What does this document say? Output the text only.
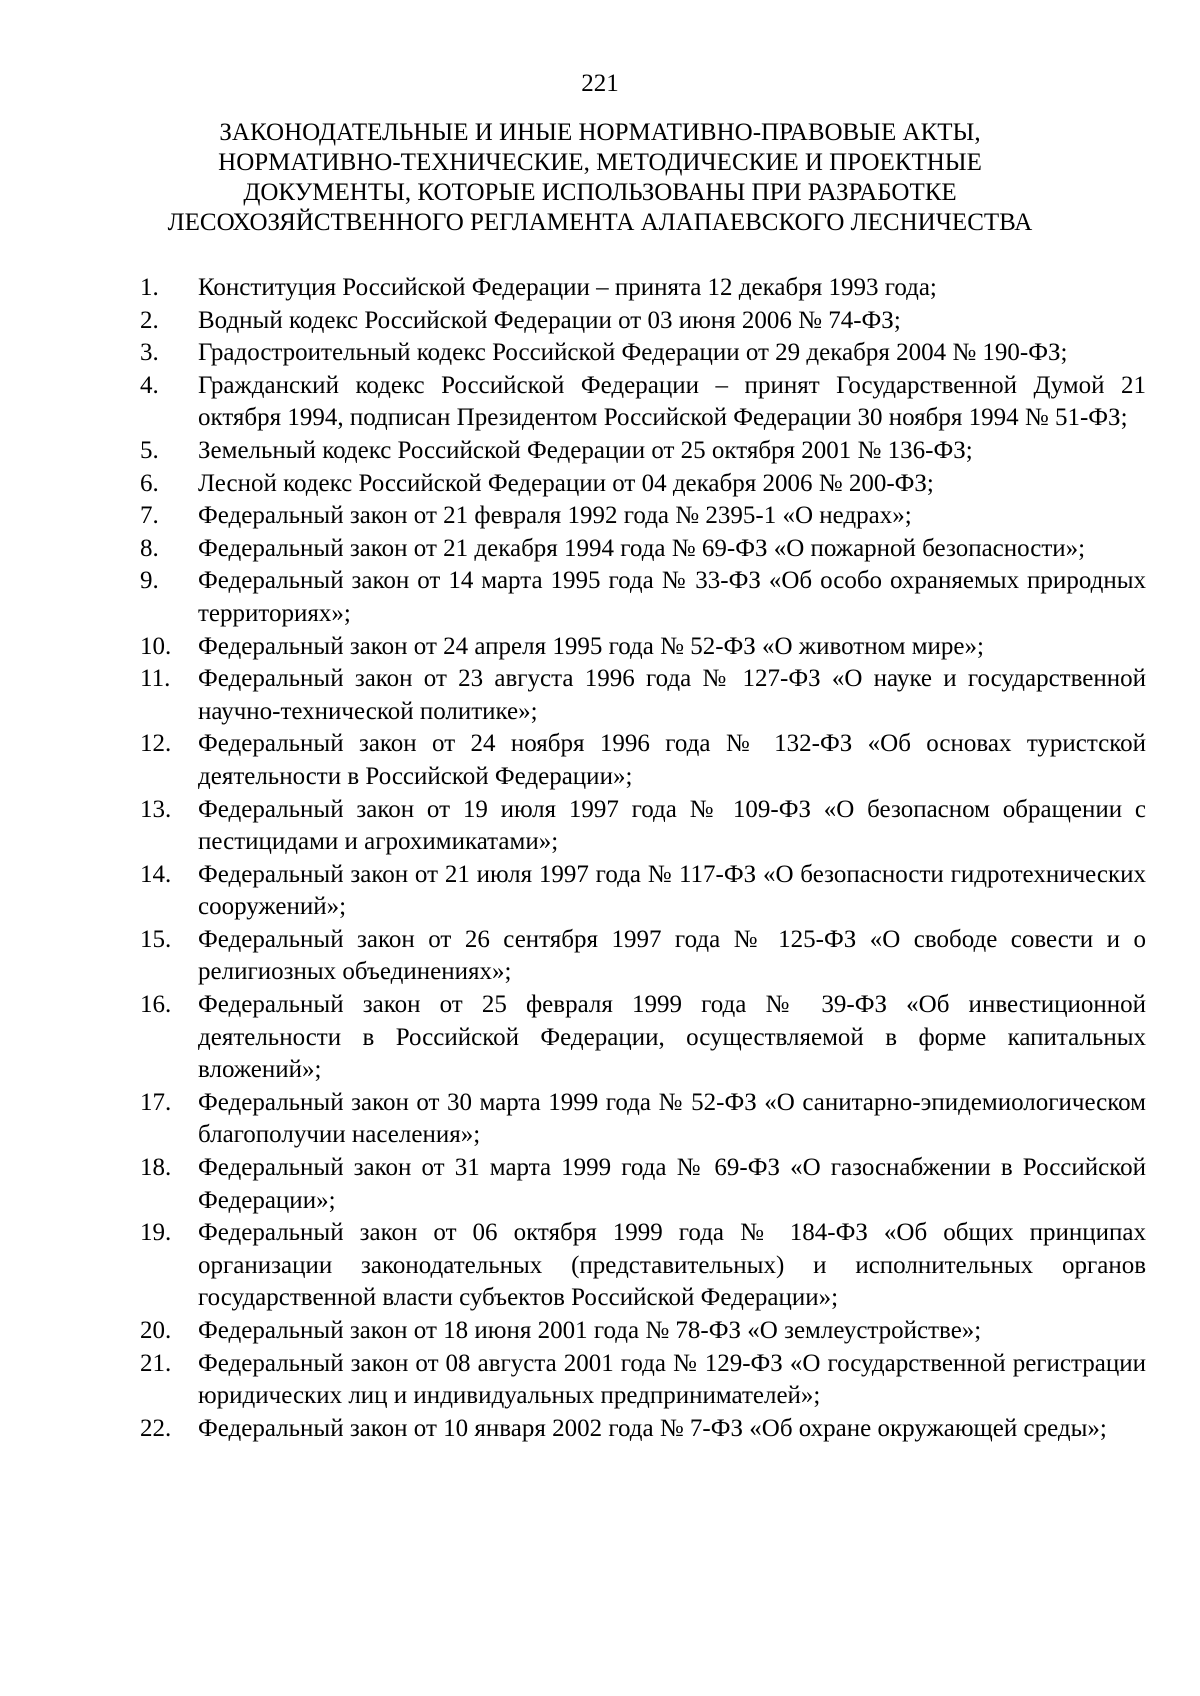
221
ЗАКОНОДАТЕЛЬНЫЕ И ИНЫЕ НОРМАТИВНО-ПРАВОВЫЕ АКТЫ,
НОРМАТИВНО-ТЕХНИЧЕСКИЕ, МЕТОДИЧЕСКИЕ И ПРОЕКТНЫЕ
ДОКУМЕНТЫ, КОТОРЫЕ ИСПОЛЬЗОВАНЫ ПРИ РАЗРАБОТКЕ
ЛЕСОХОЗЯЙСТВЕННОГО РЕГЛАМЕНТА АЛАПАЕВСКОГО ЛЕСНИЧЕСТВА
1.	Конституция Российской Федерации – принята 12 декабря 1993 года;
2.	Водный кодекс Российской Федерации от 03 июня 2006 № 74-ФЗ;
3.	Градостроительный кодекс Российской Федерации от 29 декабря 2004 № 190-ФЗ;
4.	Гражданский кодекс Российской Федерации – принят Государственной Думой 21 октября 1994, подписан Президентом Российской Федерации 30 ноября 1994 № 51-ФЗ;
5.	Земельный кодекс Российской Федерации от 25 октября 2001 № 136-ФЗ;
6.	Лесной кодекс Российской Федерации от 04 декабря 2006 № 200-ФЗ;
7.	Федеральный закон от 21 февраля 1992 года № 2395-1 «О недрах»;
8.	Федеральный закон от 21 декабря 1994 года № 69-ФЗ «О пожарной безопасности»;
9.	Федеральный закон от 14 марта 1995 года № 33-ФЗ «Об особо охраняемых природных территориях»;
10.	Федеральный закон от 24 апреля 1995 года № 52-ФЗ «О животном мире»;
11.	Федеральный закон от 23 августа 1996 года № 127-ФЗ «О науке и государственной научно-технической политике»;
12.	Федеральный закон от 24 ноября 1996 года № 132-ФЗ «Об основах туристской деятельности в Российской Федерации»;
13.	Федеральный закон от 19 июля 1997 года № 109-ФЗ «О безопасном обращении с пестицидами и агрохимикатами»;
14.	Федеральный закон от 21 июля 1997 года № 117-ФЗ «О безопасности гидротехнических сооружений»;
15.	Федеральный закон от 26 сентября 1997 года № 125-ФЗ «О свободе совести и о религиозных объединениях»;
16.	Федеральный закон от 25 февраля 1999 года № 39-ФЗ «Об инвестиционной деятельности в Российской Федерации, осуществляемой в форме капитальных вложений»;
17.	Федеральный закон от 30 марта 1999 года № 52-ФЗ «О санитарно-эпидемиологическом благополучии населения»;
18.	Федеральный закон от 31 марта 1999 года № 69-ФЗ «О газоснабжении в Российской Федерации»;
19.	Федеральный закон от 06 октября 1999 года № 184-ФЗ «Об общих принципах организации законодательных (представительных) и исполнительных органов государственной власти субъектов Российской Федерации»;
20.	Федеральный закон от 18 июня 2001 года № 78-ФЗ «О землеустройстве»;
21.	Федеральный закон от 08 августа 2001 года № 129-ФЗ «О государственной регистрации юридических лиц и индивидуальных предпринимателей»;
22.	Федеральный закон от 10 января 2002 года № 7-ФЗ «Об охране окружающей среды»;
